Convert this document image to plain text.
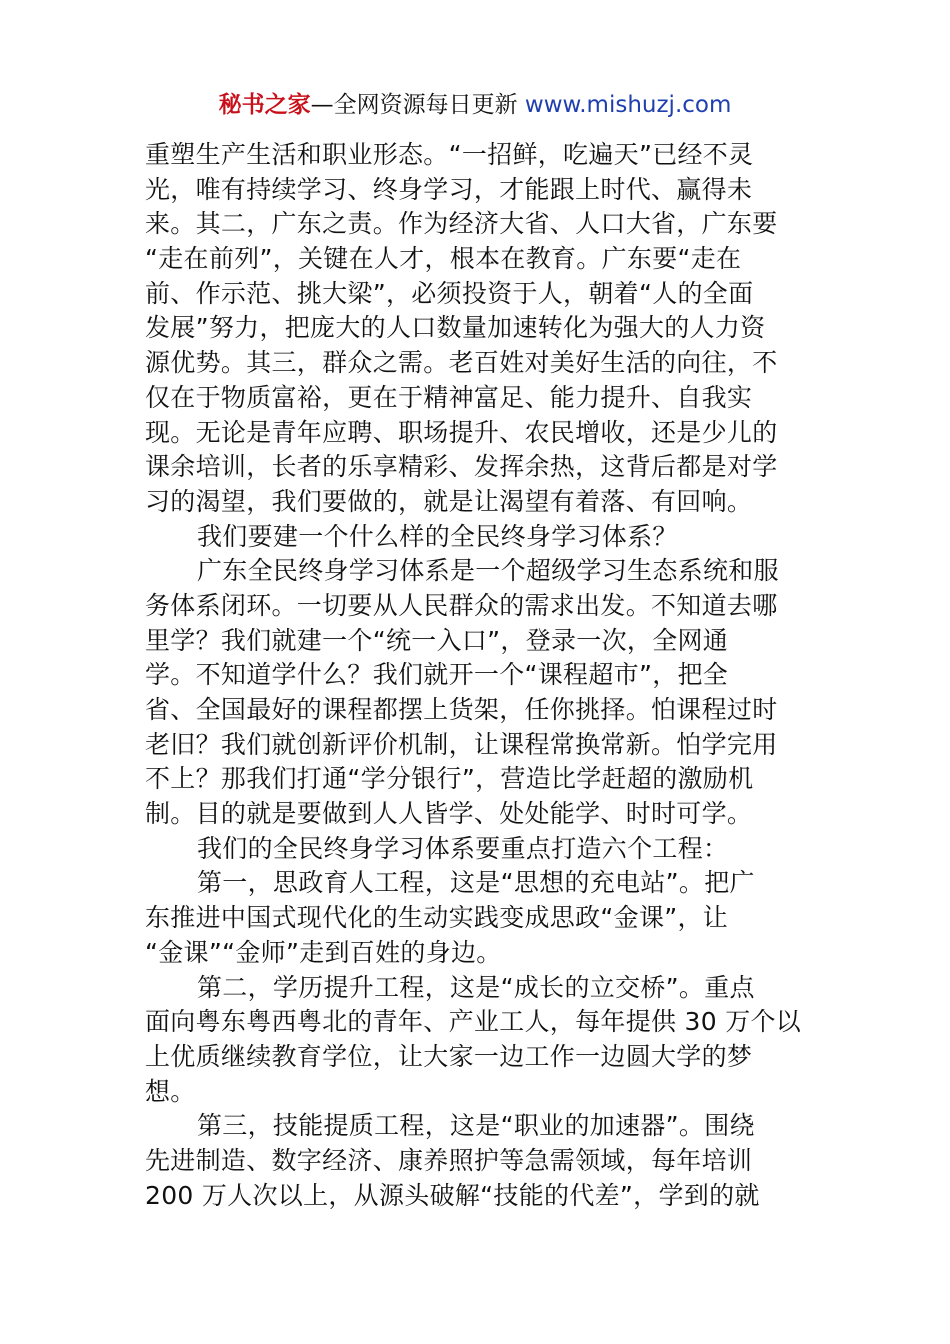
秘书之家—全网资源每日更新 www.mishuzj.com
重塑生产生活和职业形态。“一招鲜，吃遍天”已经不灵
光，唯有持续学习、终身学习，才能跟上时代、赢得未
来。其二，广东之责。作为经济大省、人口大省，广东要
“走在前列”，关键在人才，根本在教育。广东要“走在
前、作示范、挑大梁”，必须投资于人，朝着“人的全面
发展”努力，把庞大的人口数量加速转化为强大的人力资
源优势。其三，群众之需。老百姓对美好生活的向往，不
仅在于物质富裕，更在于精神富足、能力提升、自我实
现。无论是青年应聘、职场提升、农民增收，还是少儿的
课余培训，长者的乐享精彩、发挥余热，这背后都是对学
习的渴望，我们要做的，就是让渴望有着落、有回响。
我们要建一个什么样的全民终身学习体系？
广东全民终身学习体系是一个超级学习生态系统和服
务体系闭环。一切要从人民群众的需求出发。不知道去哪
里学？我们就建一个“统一入口”，登录一次，全网通
学。不知道学什么？我们就开一个“课程超市”，把全
省、全国最好的课程都摆上货架，任你挑择。怕课程过时
老旧？我们就创新评价机制，让课程常换常新。怕学完用
不上？那我们打通“学分银行”，营造比学赶超的激励机
制。目的就是要做到人人皆学、处处能学、时时可学。
我们的全民终身学习体系要重点打造六个工程：
第一，思政育人工程，这是“思想的充电站”。把广
东推进中国式现代化的生动实践变成思政“金课”，让
“金课”“金师”走到百姓的身边。
第二，学历提升工程，这是“成长的立交桥”。重点
面向粤东粤西粤北的青年、产业工人，每年提供 30 万个以
上优质继续教育学位，让大家一边工作一边圆大学的梦
想。
第三，技能提质工程，这是“职业的加速器”。围绕
先进制造、数字经济、康养照护等急需领域，每年培训
200 万人次以上，从源头破解“技能的代差”，学到的就
